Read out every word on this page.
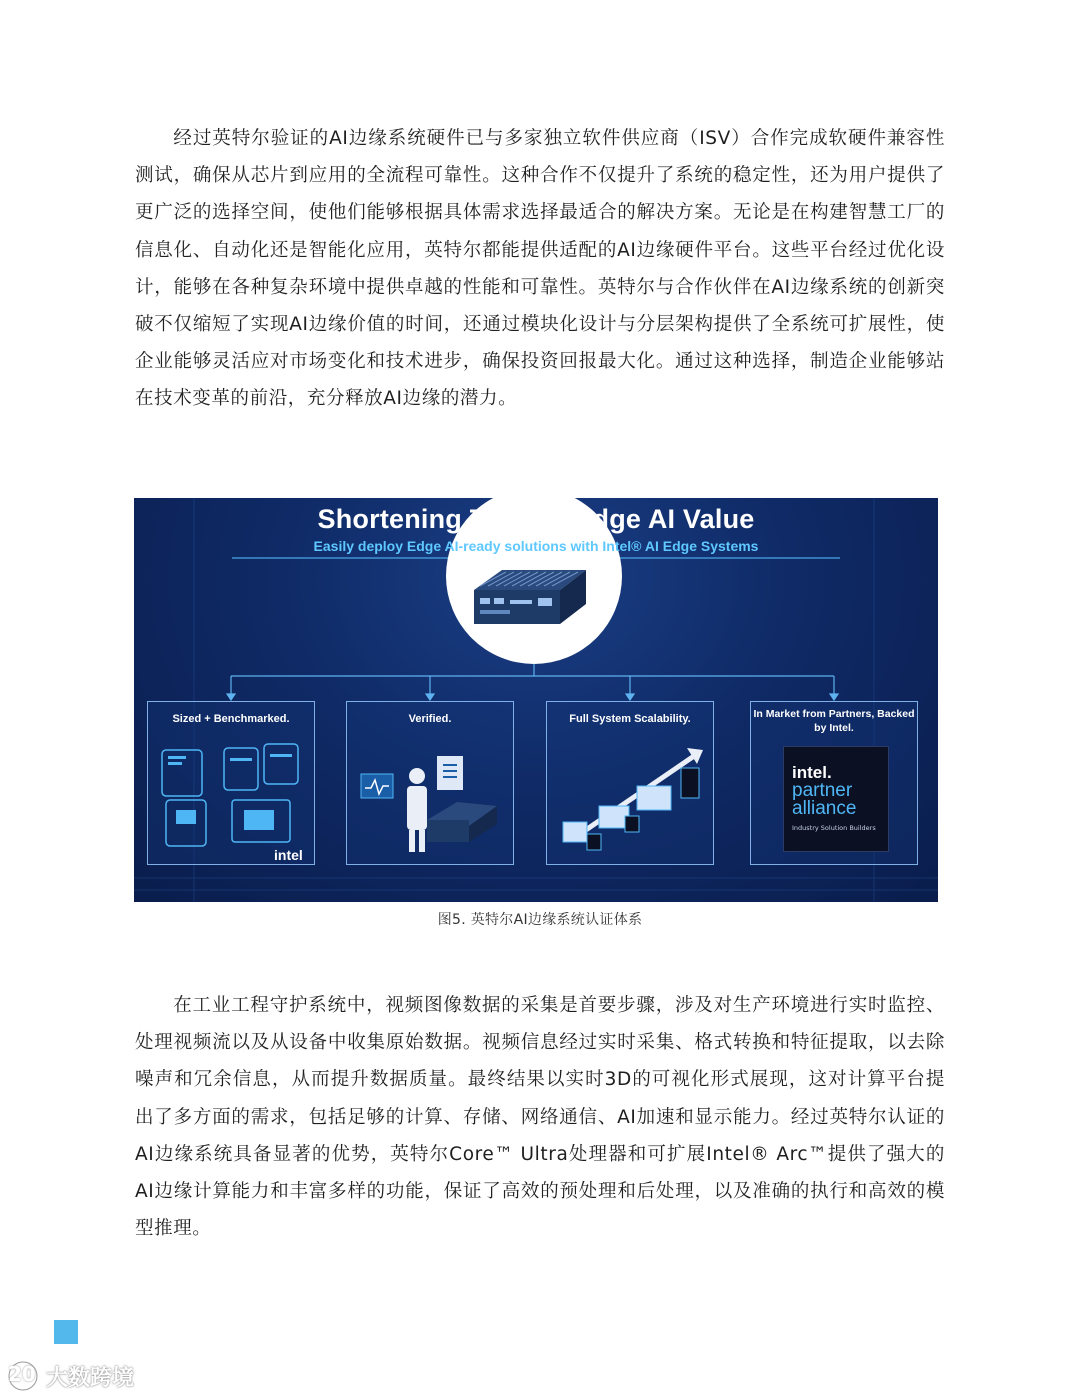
经过英特尔验证的AI边缘系统硬件已与多家独立软件供应商（ISV）合作完成软硬件兼容性测试，确保从芯片到应用的全流程可靠性。这种合作不仅提升了系统的稳定性，还为用户提供了更广泛的选择空间，使他们能够根据具体需求选择最适合的解决方案。无论是在构建智慧工厂的信息化、自动化还是智能化应用，英特尔都能提供适配的AI边缘硬件平台。这些平台经过优化设计，能够在各种复杂环境中提供卓越的性能和可靠性。英特尔与合作伙伴在AI边缘系统的创新突破不仅缩短了实现AI边缘价值的时间，还通过模块化设计与分层架构提供了全系统可扩展性，使企业能够灵活应对市场变化和技术进步，确保投资回报最大化。通过这种选择，制造企业能够站在技术变革的前沿，充分释放AI边缘的潜力。

Shortening Time to Edge AI Value
Easily deploy Edge AI-ready solutions with Intel® AI Edge Systems
Sized + Benchmarked.
intel
Verified.	Full System Scalability.	In Market from Partners, Backed by Intel.
intel.
partner
alliance
Industry Solution Builders
图5. 英特尔AI边缘系统认证体系

在工业工程守护系统中，视频图像数据的采集是首要步骤，涉及对生产环境进行实时监控、处理视频流以及从设备中收集原始数据。视频信息经过实时采集、格式转换和特征提取，以去除噪声和冗余信息，从而提升数据质量。最终结果以实时3D的可视化形式展现，这对计算平台提出了多方面的需求，包括足够的计算、存储、网络通信、AI加速和显示能力。经过英特尔认证的AI边缘系统具备显著的优势，英特尔Core™ Ultra处理器和可扩展Intel® Arc™提供了强大的AI边缘计算能力和丰富多样的功能，保证了高效的预处理和后处理，以及准确的执行和高效的模型推理。

大数跨境
20
